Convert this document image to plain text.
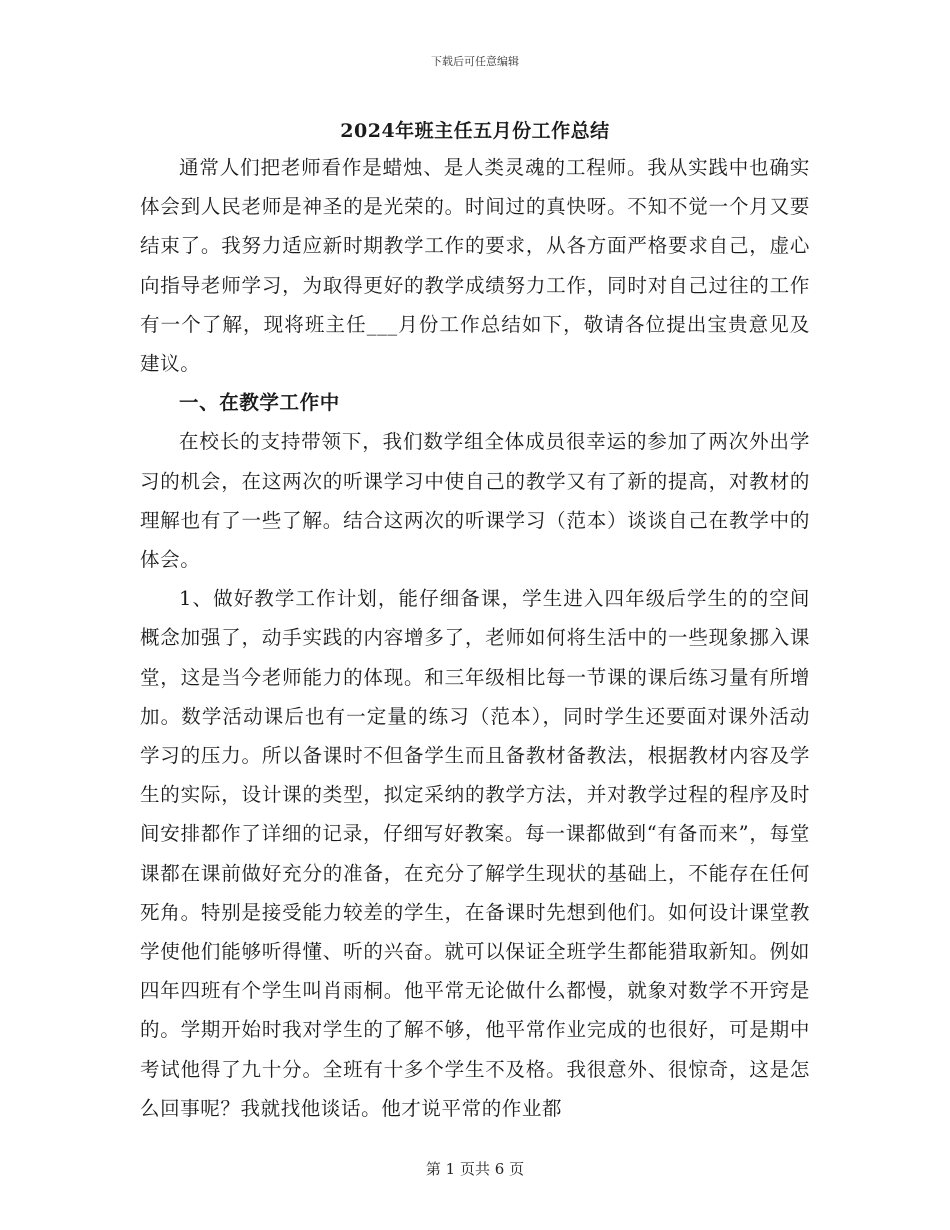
下载后可任意编辑
2024年班主任五月份工作总结

通常人们把老师看作是蜡烛、是人类灵魂的工程师。我从实践中也确实体会到人民老师是神圣的是光荣的。时间过的真快呀。不知不觉一个月又要结束了。我努力适应新时期教学工作的要求，从各方面严格要求自己，虚心向指导老师学习，为取得更好的教学成绩努力工作，同时对自己过往的工作有一个了解，现将班主任___月份工作总结如下，敬请各位提出宝贵意见及建议。

一、在教学工作中

在校长的支持带领下，我们数学组全体成员很幸运的参加了两次外出学习的机会，在这两次的听课学习中使自己的教学又有了新的提高，对教材的理解也有了一些了解。结合这两次的听课学习（范本）谈谈自己在教学中的体会。

1、做好教学工作计划，能仔细备课，学生进入四年级后学生的的空间概念加强了，动手实践的内容增多了，老师如何将生活中的一些现象挪入课堂，这是当今老师能力的体现。和三年级相比每一节课的课后练习量有所增加。数学活动课后也有一定量的练习（范本），同时学生还要面对课外活动学习的压力。所以备课时不但备学生而且备教材备教法，根据教材内容及学生的实际，设计课的类型，拟定采纳的教学方法，并对教学过程的程序及时间安排都作了详细的记录，仔细写好教案。每一课都做到“有备而来”，每堂课都在课前做好充分的准备，在充分了解学生现状的基础上，不能存在任何死角。特别是接受能力较差的学生，在备课时先想到他们。如何设计课堂教学使他们能够听得懂、听的兴奋。就可以保证全班学生都能猎取新知。例如四年四班有个学生叫肖雨桐。他平常无论做什么都慢，就象对数学不开窍是的。学期开始时我对学生的了解不够，他平常作业完成的也很好，可是期中考试他得了九十分。全班有十多个学生不及格。我很意外、很惊奇，这是怎么回事呢？我就找他谈话。他才说平常的作业都

第 1 页共 6 页
